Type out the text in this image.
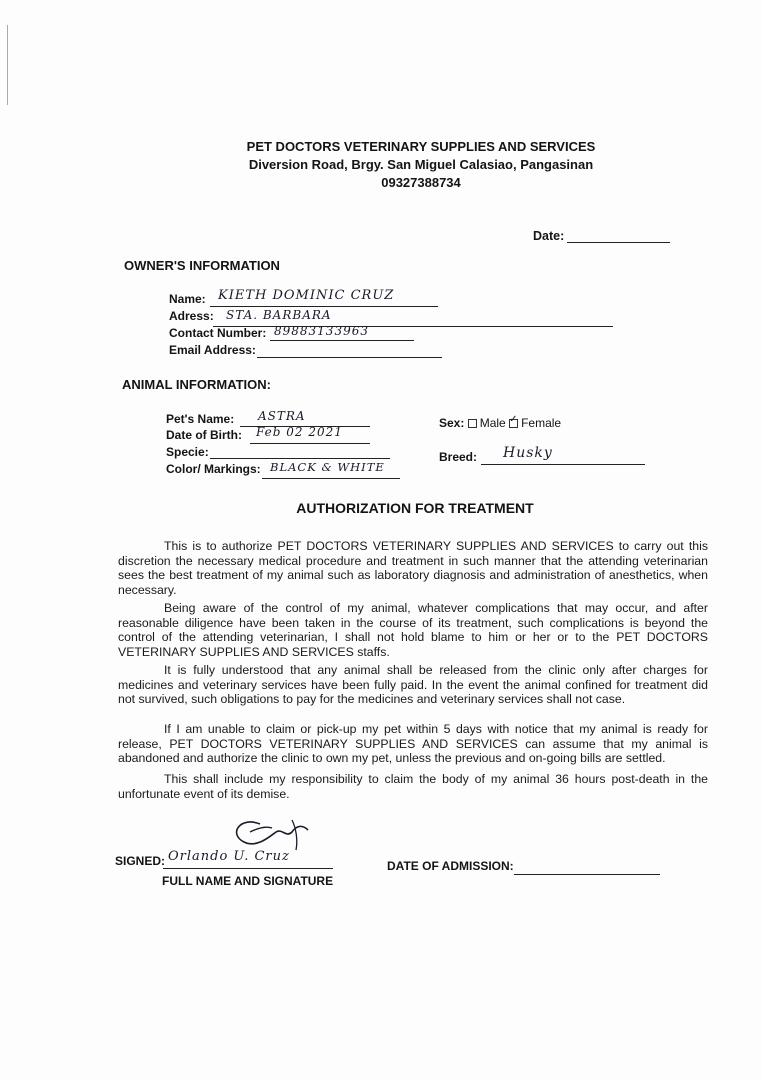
PET DOCTORS VETERINARY SUPPLIES AND SERVICES
Diversion Road, Brgy. San Miguel Calasiao, Pangasinan
09327388734
Date:
OWNER'S INFORMATION
Name: KIETH DOMINIC CRUZ
Adress: STA. BARBARA
Contact Number: 89883133963
Email Address:
ANIMAL INFORMATION:
Pet's Name: ASTRA
Date of Birth: Feb 02 2021
Specie:
Color/ Markings: BLACK & WHITE
Sex: Male ✓ Female
Breed: Husky
AUTHORIZATION FOR TREATMENT
This is to authorize PET DOCTORS VETERINARY SUPPLIES AND SERVICES to carry out this discretion the necessary medical procedure and treatment in such manner that the attending veterinarian sees the best treatment of my animal such as laboratory diagnosis and administration of anesthetics, when necessary.
Being aware of the control of my animal, whatever complications that may occur, and after reasonable diligence have been taken in the course of its treatment, such complications is beyond the control of the attending veterinarian, I shall not hold blame to him or her or to the PET DOCTORS VETERINARY SUPPLIES AND SERVICES staffs.
It is fully understood that any animal shall be released from the clinic only after charges for medicines and veterinary services have been fully paid. In the event the animal confined for treatment did not survived, such obligations to pay for the medicines and veterinary services shall not case.
If I am unable to claim or pick-up my pet within 5 days with notice that my animal is ready for release, PET DOCTORS VETERINARY SUPPLIES AND SERVICES can assume that my animal is abandoned and authorize the clinic to own my pet, unless the previous and on-going bills are settled.
This shall include my responsibility to claim the body of my animal 36 hours post-death in the unfortunate event of its demise.
SIGNED: Orlando U. Cruz
FULL NAME AND SIGNATURE
DATE OF ADMISSION:
